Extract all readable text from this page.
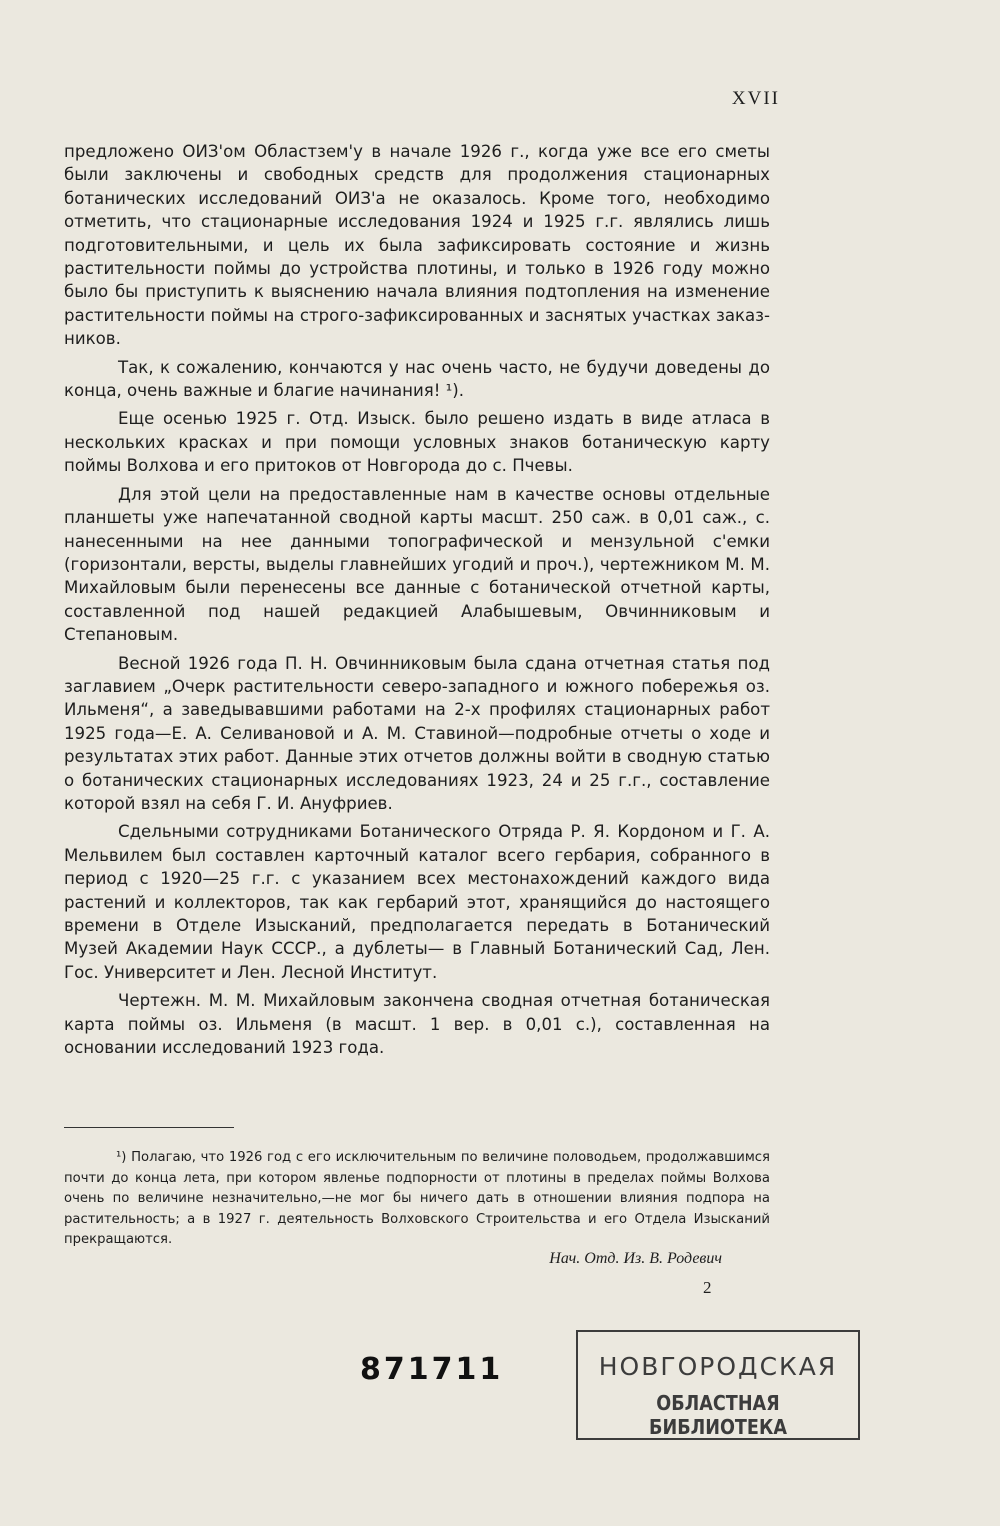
XVII

предложено ОИЗ'ом Областзем'у в начале 1926 г., когда уже все его сметы были заключены и свободных средств для продолжения стационарных ботанических исследований ОИЗ'а не оказалось. Кроме того, необходимо отметить, что стационарные исследования 1924 и 1925 г.г. являлись лишь подготовительными, и цель их была зафиксировать состояние и жизнь растительности поймы до устройства плотины, и только в 1926 году можно было бы приступить к выяснению начала влияния подтопления на изменение растительности поймы на строго-зафиксированных и заснятых участках заказников.

Так, к сожалению, кончаются у нас очень часто, не будучи доведены до конца, очень важные и благие начинания! ¹).

Еще осенью 1925 г. Отд. Изыск. было решено издать в виде атласа в нескольких красках и при помощи условных знаков ботаническую карту поймы Волхова и его притоков от Новгорода до с. Пчевы.

Для этой цели на предоставленные нам в качестве основы отдельные планшеты уже напечатанной сводной карты масшт. 250 саж. в 0,01 саж., с. нанесенными на нее данными топографической и мензульной с'емки (горизонтали, версты, выделы главнейших угодий и проч.), чертежником М. М. Михайловым были перенесены все данные с ботанической отчетной карты, составленной под нашей редакцией Алабышевым, Овчинниковым и Степановым.

Весной 1926 года П. Н. Овчинниковым была сдана отчетная статья под заглавием „Очерк растительности северо-западного и южного побережья оз. Ильменя“, а заведывавшими работами на 2-х профилях стационарных работ 1925 года—Е. А. Селивановой и А. М. Ставиной—подробные отчеты о ходе и результатах этих работ. Данные этих отчетов должны войти в сводную статью о ботанических стационарных исследованиях 1923, 24 и 25 г.г., составление которой взял на себя Г. И. Ануфриев.

Сдельными сотрудниками Ботанического Отряда Р. Я. Кордоном и Г. А. Мельвилем был составлен карточный каталог всего гербария, собранного в период с 1920—25 г.г. с указанием всех местонахождений каждого вида растений и коллекторов, так как гербарий этот, хранящийся до настоящего времени в Отделе Изысканий, предполагается передать в Ботанический Музей Академии Наук СССР., а дублеты— в Главный Ботанический Сад, Лен. Гос. Университет и Лен. Лесной Институт.

Чертежн. М. М. Михайловым закончена сводная отчетная ботаническая карта поймы оз. Ильменя (в масшт. 1 вер. в 0,01 с.), составленная на основании исследований 1923 года.

¹) Полагаю, что 1926 год с его исключительным по величине половодьем, продолжавшимся почти до конца лета, при котором явленье подпорности от плотины в пределах поймы Волхова очень по величине незначительно,—не мог бы ничего дать в отношении влияния подпора на растительность; а в 1927 г. деятельность Волховского Строительства и его Отдела Изысканий прекращаются.

Нач. Отд. Из. В. Родевич
2
871711	НОВГОРОДСКАЯ
ОБЛАСТНАЯ БИБЛИОТЕКА
